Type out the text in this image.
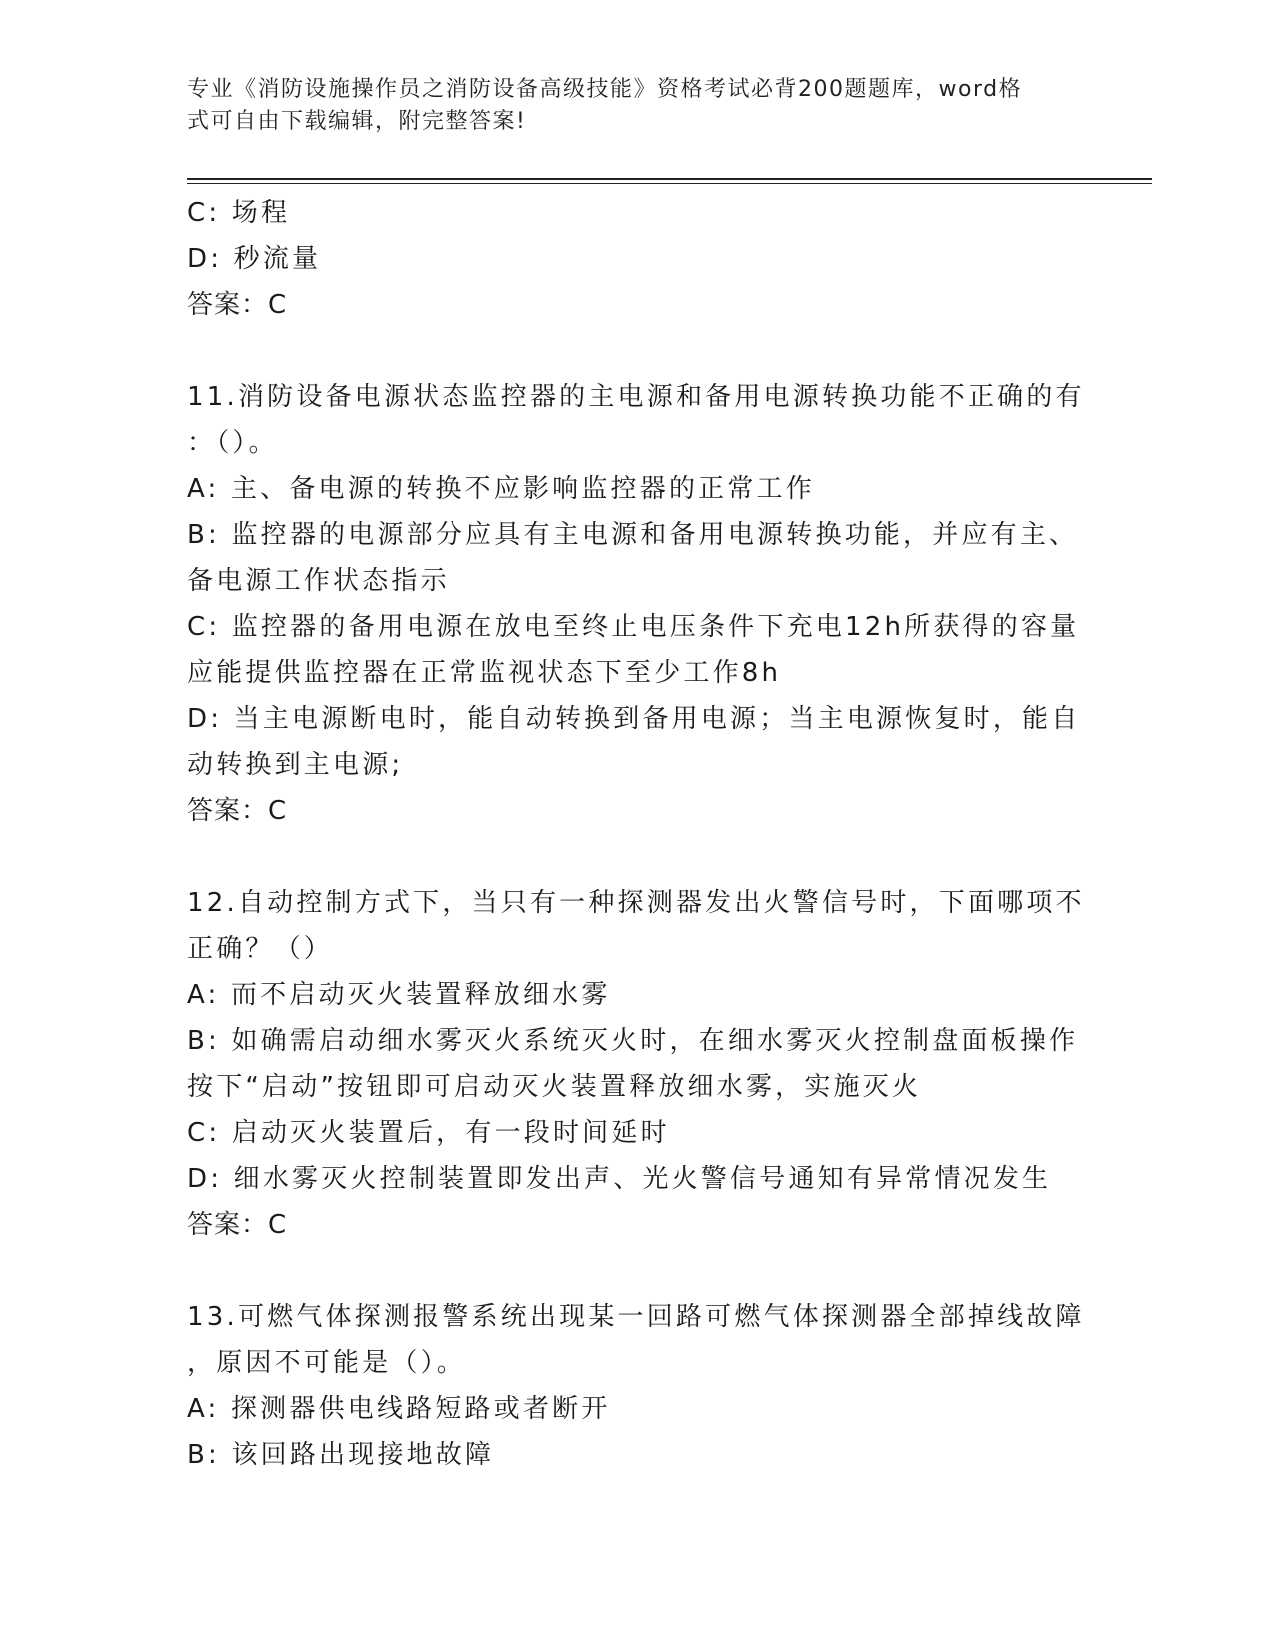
专业《消防设施操作员之消防设备高级技能》资格考试必背200题题库，word格
式可自由下载编辑，附完整答案!
C: 场程
D: 秒流量
答案：C
11.消防设备电源状态监控器的主电源和备用电源转换功能不正确的有
：（）。
A: 主、备电源的转换不应影响监控器的正常工作
B: 监控器的电源部分应具有主电源和备用电源转换功能，并应有主、
备电源工作状态指示
C: 监控器的备用电源在放电至终止电压条件下充电12h所获得的容量
应能提供监控器在正常监视状态下至少工作8h
D: 当主电源断电时，能自动转换到备用电源；当主电源恢复时，能自
动转换到主电源;
答案：C
12.自动控制方式下，当只有一种探测器发出火警信号时，下面哪项不
正确？（）
A: 而不启动灭火装置释放细水雾
B: 如确需启动细水雾灭火系统灭火时，在细水雾灭火控制盘面板操作
按下“启动”按钮即可启动灭火装置释放细水雾，实施灭火
C: 启动灭火装置后，有一段时间延时
D: 细水雾灭火控制装置即发出声、光火警信号通知有异常情况发生
答案：C
13.可燃气体探测报警系统出现某一回路可燃气体探测器全部掉线故障
，原因不可能是（）。
A: 探测器供电线路短路或者断开
B: 该回路出现接地故障
